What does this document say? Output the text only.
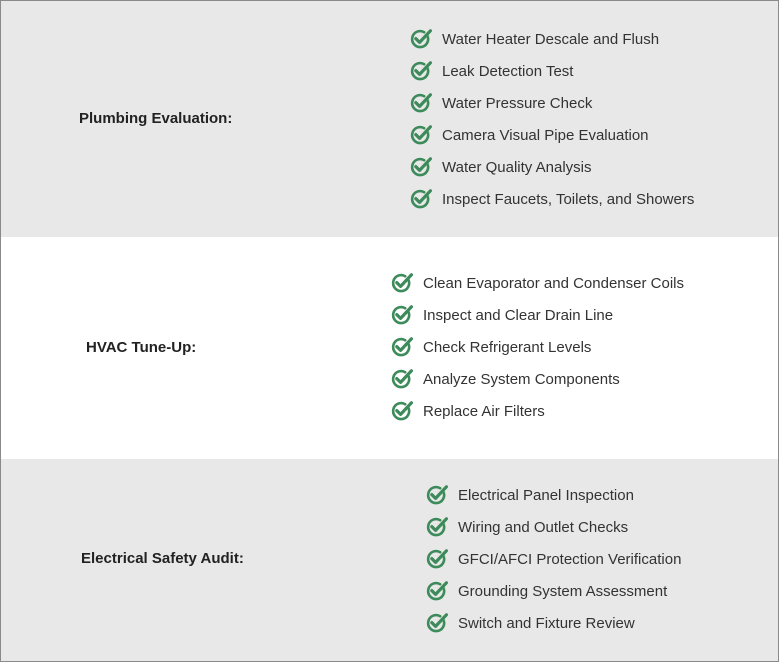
Plumbing Evaluation:
Water Heater Descale and Flush
Leak Detection Test
Water Pressure Check
Camera Visual Pipe Evaluation
Water Quality Analysis
Inspect Faucets, Toilets, and Showers
HVAC Tune-Up:
Clean Evaporator and Condenser Coils
Inspect and Clear Drain Line
Check Refrigerant Levels
Analyze System Components
Replace Air Filters
Electrical Safety Audit:
Electrical Panel Inspection
Wiring and Outlet Checks
GFCI/AFCI Protection Verification
Grounding System Assessment
Switch and Fixture Review
